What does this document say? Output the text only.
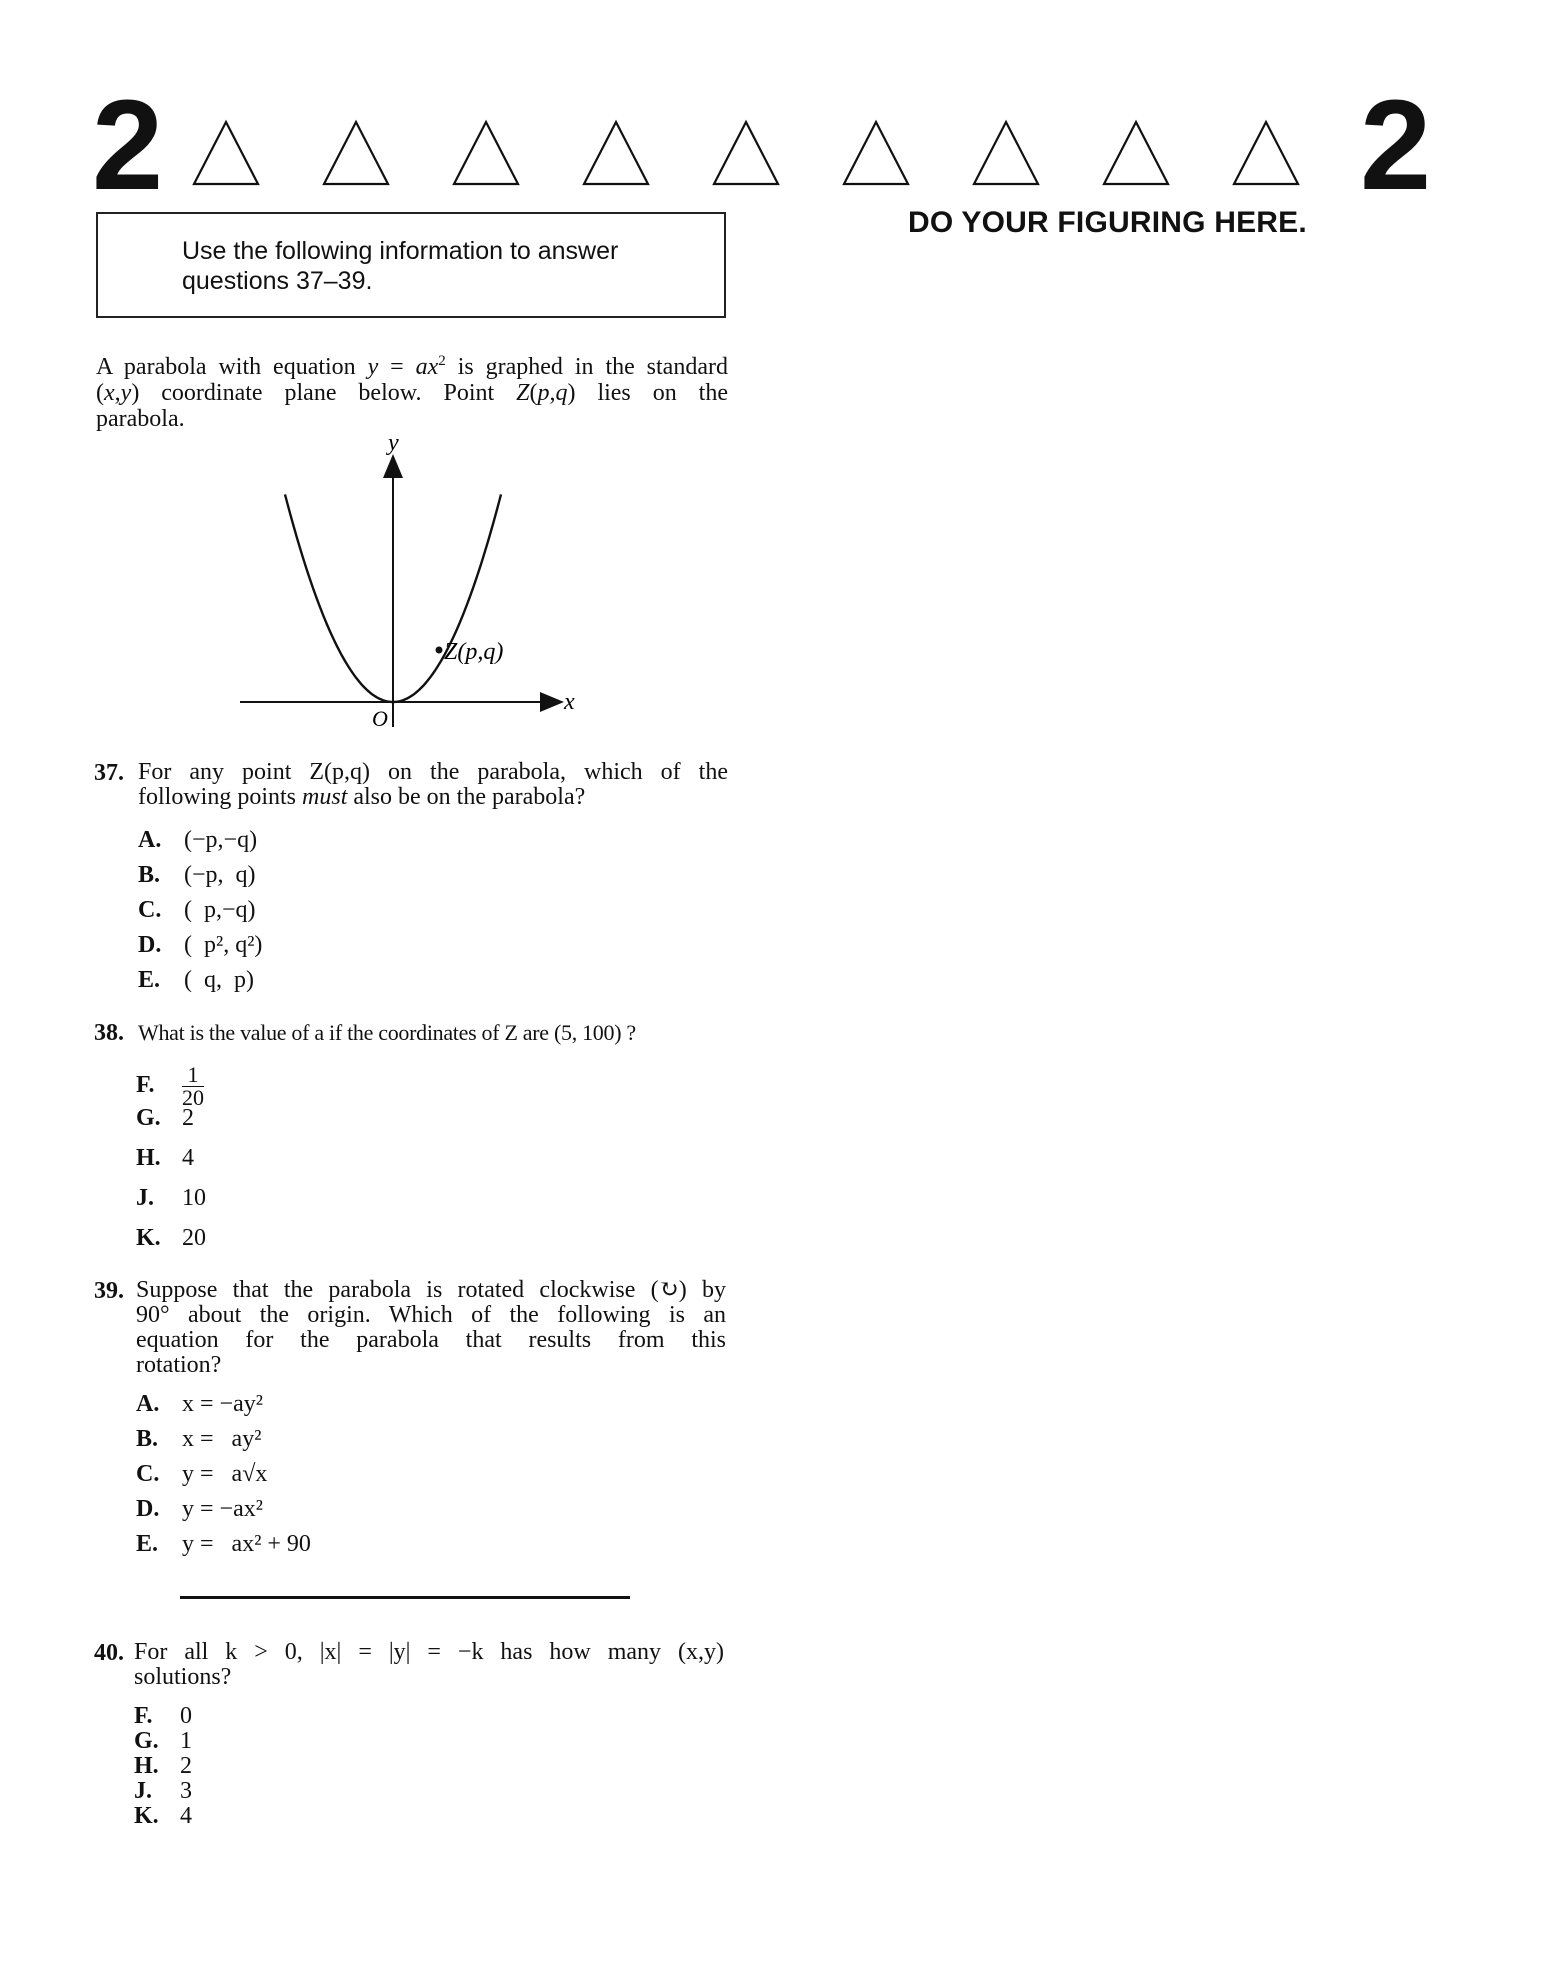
2	2
DO YOUR FIGURING HERE.
Use the following information to answer
questions 37–39.
A parabola with equation $y = ax^2$ is graphed in the standard
(x,y) coordinate plane below. Point Z(p,q) lies on the
parabola.
Z(p,q)
y
x
O
37. For any point Z(p,q) on the parabola, which of the
following points must also be on the parabola?
A. (−p,−q)
B. (−p,  q)
C. (  p,−q)
D. (  p², q²)
E. (  q,  p)
38. What is the value of a if the coordinates of Z are (5, 100) ?
F. $\frac{1}{20}$
G. 2
H. 4
J. 10
K. 20
39. Suppose that the parabola is rotated clockwise (↻) by
90° about the origin. Which of the following is an
equation for the parabola that results from this
rotation?
A. x = −ay²
B. x =   ay²
C. y =   a√x
D. y = −ax²
E. y =   ax² + 90
40. For all k > 0, |x| = |y| = −k has how many (x,y)
solutions?
F. 0
G. 1
H. 2
J. 3
K. 4
